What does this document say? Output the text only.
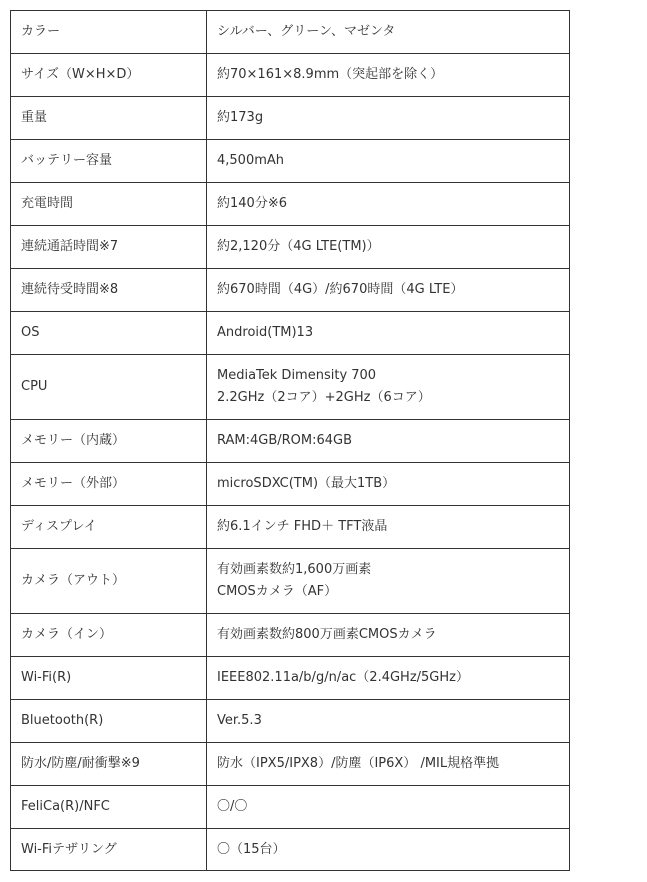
カラー	シルバー、グリーン、マゼンタ

サイズ（W×H×D）	約70×161×8.9mm（突起部を除く）

重量	約173g

バッテリー容量	4,500mAh

充電時間	約140分※6

連続通話時間※7	約2,120分（4G LTE(TM)）

連続待受時間※8	約670時間（4G）/約670時間（4G LTE）

OS	Android(TM)13

CPU	MediaTek Dimensity 700
2.2GHz（2コア）+2GHz（6コア）

メモリー（内蔵）	RAM:4GB/ROM:64GB

メモリー（外部）	microSDXC(TM)（最大1TB）

ディスプレイ	約6.1インチ FHD＋ TFT液晶

カメラ（アウト）	有効画素数約1,600万画素
CMOSカメラ（AF）

カメラ（イン）	有効画素数約800万画素CMOSカメラ

Wi-Fi(R)	IEEE802.11a/b/g/n/ac（2.4GHz/5GHz）

Bluetooth(R)	Ver.5.3

防水/防塵/耐衝撃※9	防水（IPX5/IPX8）/防塵（IP6X） /MIL規格準拠

FeliCa(R)/NFC	〇/〇

Wi-Fiテザリング	〇（15台）
